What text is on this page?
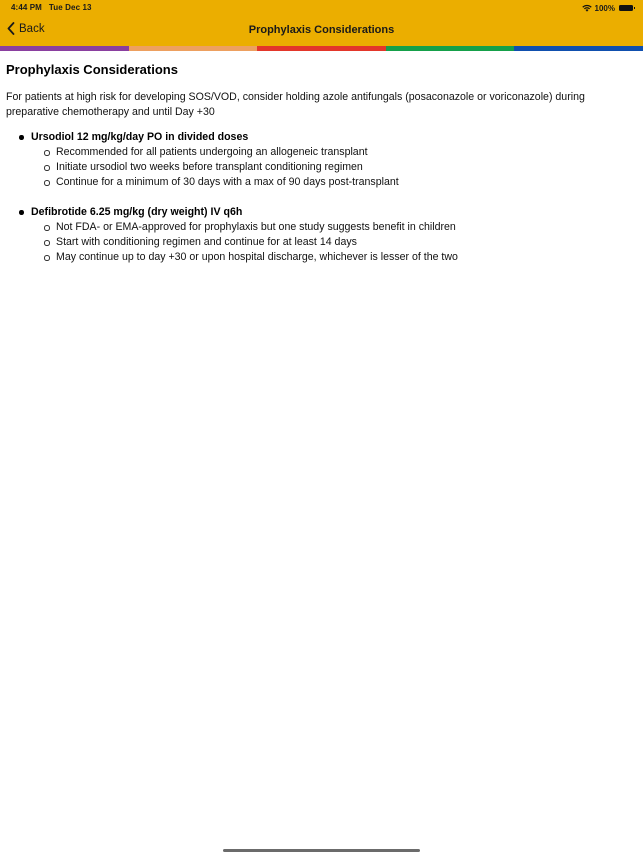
4:44 PM Tue Dec 13	100%
Back	Prophylaxis Considerations
Prophylaxis Considerations

For patients at high risk for developing SOS/VOD, consider holding azole antifungals (posaconazole or voriconazole) during preparative chemotherapy and until Day +30

Ursodiol 12 mg/kg/day PO in divided doses
Recommended for all patients undergoing an allogeneic transplant
Initiate ursodiol two weeks before transplant conditioning regimen
Continue for a minimum of 30 days with a max of 90 days post-transplant
Defibrotide 6.25 mg/kg (dry weight) IV q6h
Not FDA- or EMA-approved for prophylaxis but one study suggests benefit in children
Start with conditioning regimen and continue for at least 14 days
May continue up to day +30 or upon hospital discharge, whichever is lesser of the two
